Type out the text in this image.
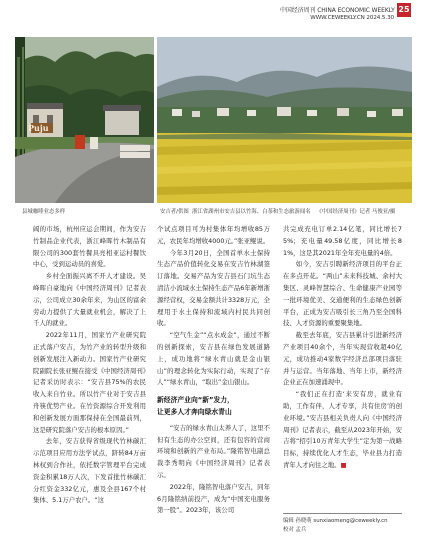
中国经济周刊 CHINA ECONOMIC WEEKLY
WWW.CEWEEKLY.CN 2024.5.30
25
Puju
县城咖啡业态多样	安吉者/供图 浙江省湖州市安吉县以竹海、白茶和生态旅游闻名 《中国经济周刊》记者 马俊亚/摄

阔的市场，杭州应运会期间，作为安吉竹制品企业代表，浙江峰晖竹木制品有限公司的300套竹餐具亮相亚运村餐饮中心，受到运动员的喜爱。

乡村全面振兴离不开人才建设。吴峰晖自豪地向《中国经济周刊》记者表示，公司成立30余年来，为山区的富余劳动力提供了大量就业机会，解决了上千人的就业。

2022年11月，国家竹产业研究院正式落户安吉，为竹产业的转型升级和创新发展注入新动力。国家竹产业研究院副院长张亚鲲在接受《中国经济周刊》记者采访时表示：“安吉县75%的农民收入来自竹业。所以竹产业对于安吉县舟筷优势产业。在竹资源综合开发利用和创新发展方面那保持在全国最前列，这是研究院落户安吉的根本原因。”

去年，安吉获得省级现代竹林碳汇示范项目应用方法学试点，跻转84万亩林权到合作社，依托数字管理平台完成资金积累18万人次，下发首批竹林碳汇分红资金332亿元，惠及全县167个村集体、5.1万户农户。“这

个试点项目可为村集体年均增收85万元，农民年均增收4000元。”张亚鲲说。

今年3月20日，全国首单水土保持生态产品价值转化交易在安吉竹林湖签订落地。交易产品为安吉县石门坑生态清洁小流域水土保持生态产品6年新增浙源经营权，交易金额共计3328万元，全理用于水土保持和流域内村民共同创收。

“空气生金”“点水成金”，通过不断的创新探索，安吉县在绿色发展道路上，成功地将“绿水青山就是金山银山”的理念转化为实际行动，实现了“存人”“绿水青山，“取出”金山银山。

新经济产业向“新”发力，
让更多人才奔向绿水青山

“安吉的绿水青山太养人了，这里不但有生态的办公空间，还有包容的营商环境和创新的产业布局。”隆铭智电副总裁李秀明向《中国经济周刊》记者表示。

2022年，隆铭智电落户安吉，同年6月隆铭纳前投产，成为“中国充电服务第一股”。2023年，该公司

共完成充电订单2.14亿笔，同比增长75%；充电量49.58亿度，同比增长81%，这是其2021年全年充电量的4倍。

如今，安吉引聘新经济项目的平台正在多点开花。“两山”未来科技城、余村大集区、灵峰智慧综合、生命健康产业园等一批环境优美、交通便利的生态绿色创新平台，正成为安吉吸引长三角乃至全国科技、人才资源的重要聚集地。

截至去年底，安吉县累计引进新经济产业项目40余个，当年实现营收超40亿元，成功推动4家数字经济总部项目落驻并与运营。当年落地、当年上市，新经济企业正在加速涌现中。

“我们正在打造‘来安有房，就业有助，工作有伴，人才专享，共有住房’的创业环境。”安吉县相关负责人向《中国经济周刊》记者表示，截至从2023年开始，安吉将“招引10万青年大学生”定为第一战略目标，持续优化人才生态，毕业县力打造青年人才向往之地。■

编辑 孙晓萌 sunxiaomeng@ceweekly.cn
校对 孟兵
